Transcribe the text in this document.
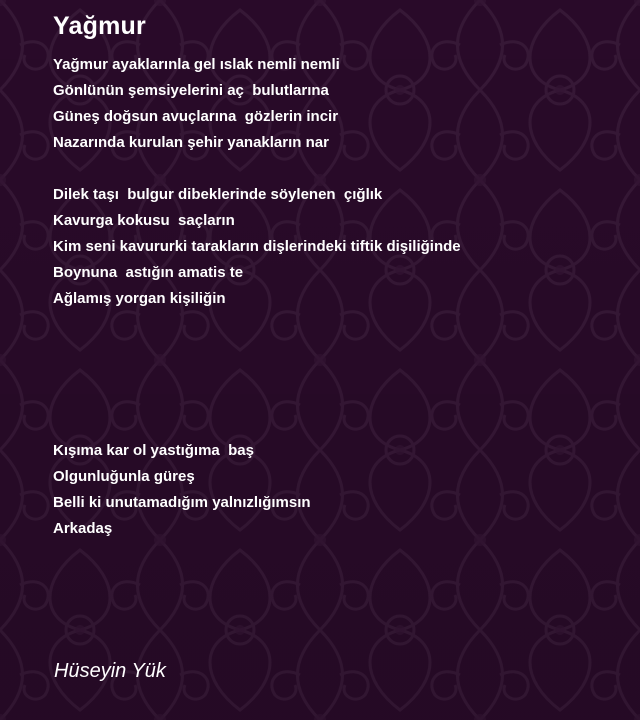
Yağmur
Yağmur ayaklarınla gel ıslak nemli nemli
Gönlünün şemsiyelerini aç  bulutlarına
Güneş doğsun avuçlarına  gözlerin incir
Nazarında kurulan şehir yanakların nar
Dilek taşı  bulgur dibeklerinde söylenen  çığlık
Kavurga kokusu  saçların
Kim seni kavururki tarakların dişlerindeki tiftik dişiliğinde
Boynuna  astığın amatis te
Ağlamış yorgan kişiliğin
Kışıma kar ol yastığıma  baş
Olgunluğunla güreş
Belli ki unutamadığım yalnızlığımsın
Arkadaş
Hüseyin Yük
